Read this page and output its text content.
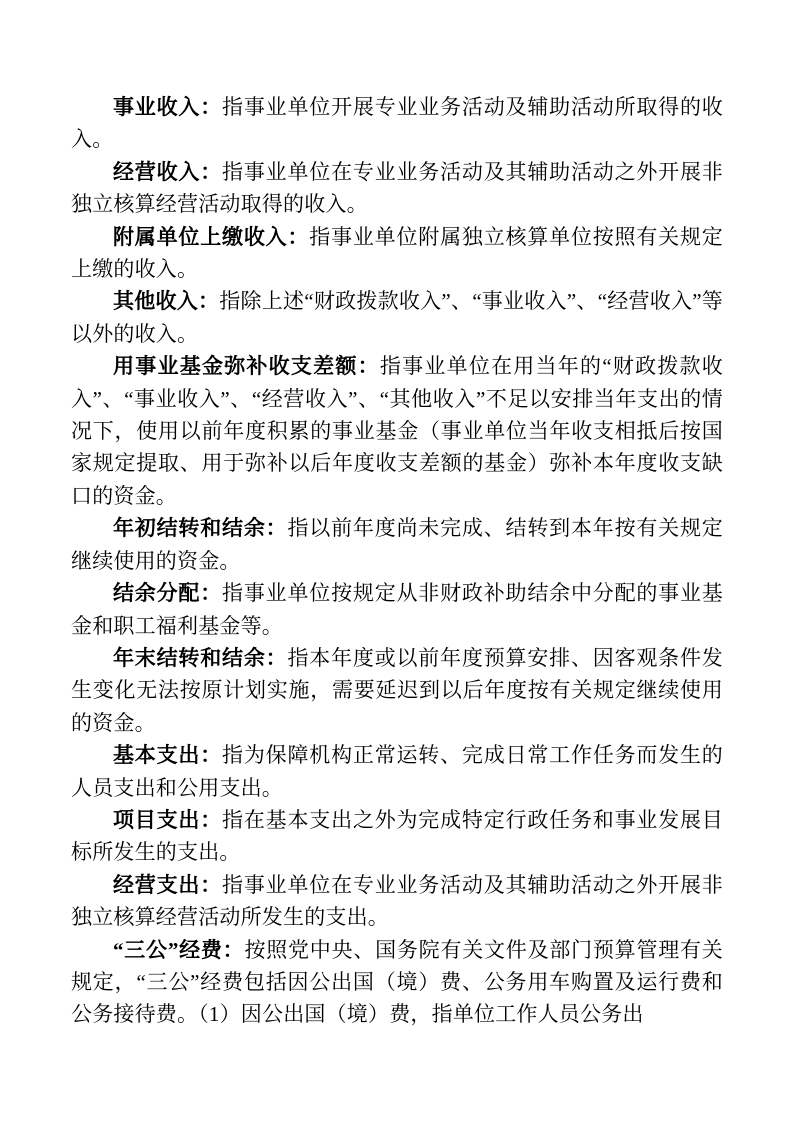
事业收入：指事业单位开展专业业务活动及辅助活动所取得的收入。

经营收入：指事业单位在专业业务活动及其辅助活动之外开展非独立核算经营活动取得的收入。

附属单位上缴收入：指事业单位附属独立核算单位按照有关规定上缴的收入。

其他收入：指除上述“财政拨款收入”、“事业收入”、“经营收入”等以外的收入。

用事业基金弥补收支差额：指事业单位在用当年的“财政拨款收入”、“事业收入”、“经营收入”、“其他收入”不足以安排当年支出的情况下，使用以前年度积累的事业基金（事业单位当年收支相抵后按国家规定提取、用于弥补以后年度收支差额的基金）弥补本年度收支缺口的资金。

年初结转和结余：指以前年度尚未完成、结转到本年按有关规定继续使用的资金。

结余分配：指事业单位按规定从非财政补助结余中分配的事业基金和职工福利基金等。

年末结转和结余：指本年度或以前年度预算安排、因客观条件发生变化无法按原计划实施，需要延迟到以后年度按有关规定继续使用的资金。

基本支出：指为保障机构正常运转、完成日常工作任务而发生的人员支出和公用支出。

项目支出：指在基本支出之外为完成特定行政任务和事业发展目标所发生的支出。

经营支出：指事业单位在专业业务活动及其辅助活动之外开展非独立核算经营活动所发生的支出。

“三公”经费：按照党中央、国务院有关文件及部门预算管理有关规定，“三公”经费包括因公出国（境）费、公务用车购置及运行费和公务接待费。（1）因公出国（境）费，指单位工作人员公务出
